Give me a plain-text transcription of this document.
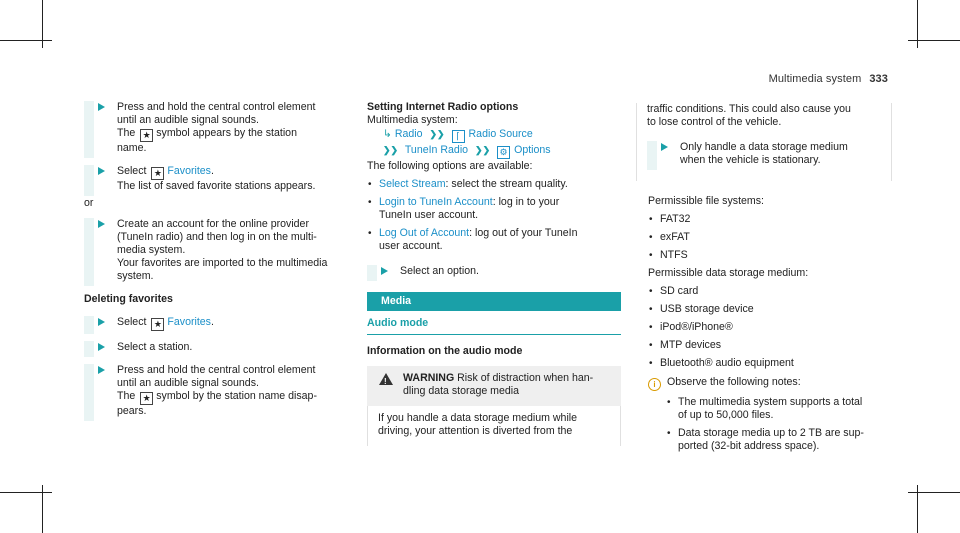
Multimedia system 333
Press and hold the central control element
until an audible signal sounds.
The ★ symbol appears by the station
name.
Select ★ Favorites.
The list of saved favorite stations appears.
or
Create an account for the online provider
(TuneIn radio) and then log in on the multi-
media system.
Your favorites are imported to the multimedia
system.
Deleting favorites
Select ★ Favorites.
Select a station.
Press and hold the central control element
until an audible signal sounds.
The ★ symbol by the station name disap-
pears.
Setting Internet Radio options
Multimedia system:
↳ Radio ❯❯ ⌈ Radio Source
❯❯ TuneIn Radio ❯❯ ⚙ Options
The following options are available:
• Select Stream: select the stream quality.
• Login to TuneIn Account: log in to your
TuneIn user account.
• Log Out of Account: log out of your TuneIn
user account.
Select an option.
Media
Audio mode
Information on the audio mode
!
WARNING Risk of distraction when han-
dling data storage media
If you handle a data storage medium while
driving, your attention is diverted from the
traffic conditions. This could also cause you
to lose control of the vehicle.
Only handle a data storage medium
when the vehicle is stationary.
Permissible file systems:
• FAT32
• exFAT
• NTFS
Permissible data storage medium:
• SD card
• USB storage device
• iPod®/iPhone®
• MTP devices
• Bluetooth® audio equipment
i Observe the following notes:
• The multimedia system supports a total
of up to 50,000 files.
• Data storage media up to 2 TB are sup-
ported (32-bit address space).
